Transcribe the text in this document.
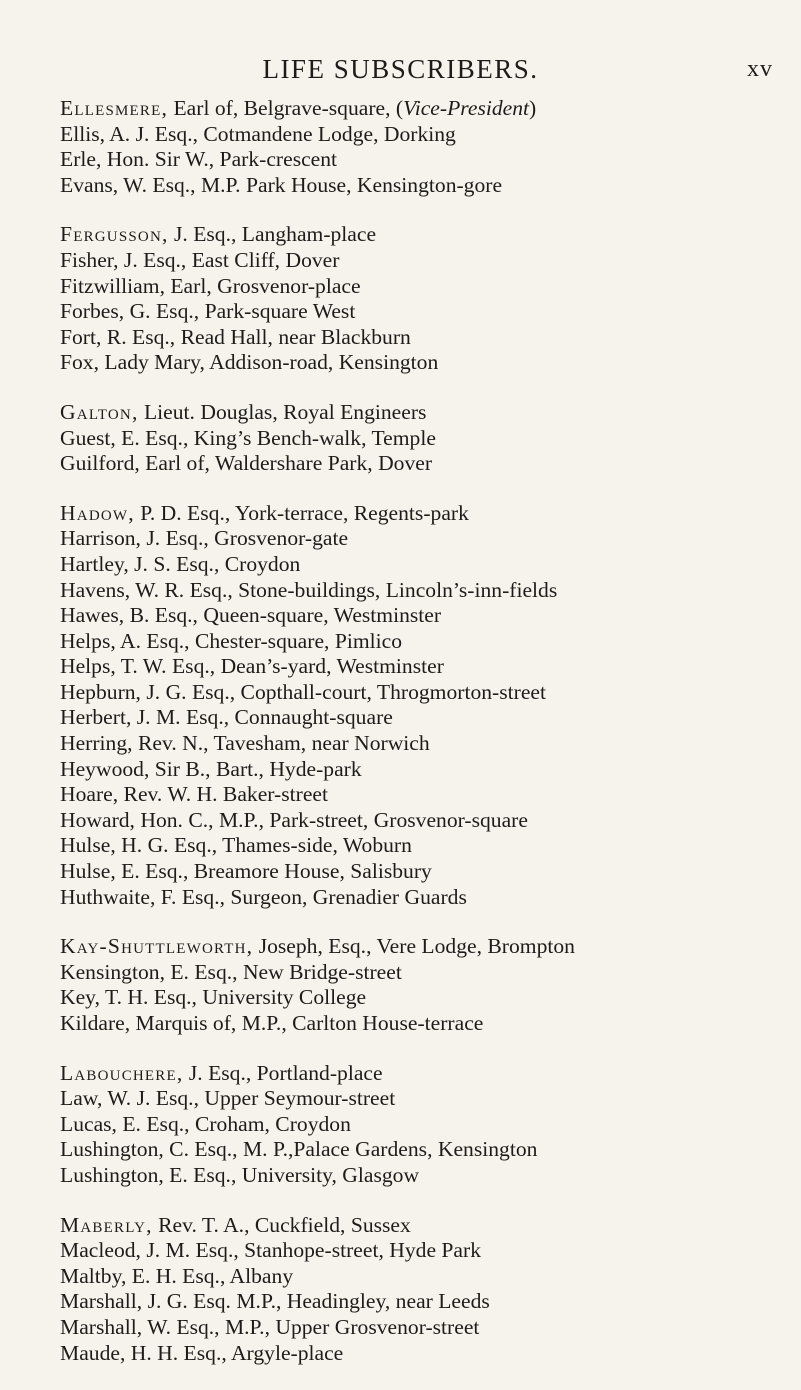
LIFE SUBSCRIBERS.	xv
Ellesmere, Earl of, Belgrave-square, (Vice-President)
Ellis, A. J. Esq., Cotmandene Lodge, Dorking
Erle, Hon. Sir W., Park-crescent
Evans, W. Esq., M.P. Park House, Kensington-gore
Fergusson, J. Esq., Langham-place
Fisher, J. Esq., East Cliff, Dover
Fitzwilliam, Earl, Grosvenor-place
Forbes, G. Esq., Park-square West
Fort, R. Esq., Read Hall, near Blackburn
Fox, Lady Mary, Addison-road, Kensington
Galton, Lieut. Douglas, Royal Engineers
Guest, E. Esq., King’s Bench-walk, Temple
Guilford, Earl of, Waldershare Park, Dover
Hadow, P. D. Esq., York-terrace, Regents-park
Harrison, J. Esq., Grosvenor-gate
Hartley, J. S. Esq., Croydon
Havens, W. R. Esq., Stone-buildings, Lincoln’s-inn-fields
Hawes, B. Esq., Queen-square, Westminster
Helps, A. Esq., Chester-square, Pimlico
Helps, T. W. Esq., Dean’s-yard, Westminster
Hepburn, J. G. Esq., Copthall-court, Throgmorton-street
Herbert, J. M. Esq., Connaught-square
Herring, Rev. N., Tavesham, near Norwich
Heywood, Sir B., Bart., Hyde-park
Hoare, Rev. W. H. Baker-street
Howard, Hon. C., M.P., Park-street, Grosvenor-square
Hulse, H. G. Esq., Thames-side, Woburn
Hulse, E. Esq., Breamore House, Salisbury
Huthwaite, F. Esq., Surgeon, Grenadier Guards
Kay-Shuttleworth, Joseph, Esq., Vere Lodge, Brompton
Kensington, E. Esq., New Bridge-street
Key, T. H. Esq., University College
Kildare, Marquis of, M.P., Carlton House-terrace
Labouchere, J. Esq., Portland-place
Law, W. J. Esq., Upper Seymour-street
Lucas, E. Esq., Croham, Croydon
Lushington, C. Esq., M. P.,Palace Gardens, Kensington
Lushington, E. Esq., University, Glasgow
Maberly, Rev. T. A., Cuckfield, Sussex
Macleod, J. M. Esq., Stanhope-street, Hyde Park
Maltby, E. H. Esq., Albany
Marshall, J. G. Esq. M.P., Headingley, near Leeds
Marshall, W. Esq., M.P., Upper Grosvenor-street
Maude, H. H. Esq., Argyle-place
